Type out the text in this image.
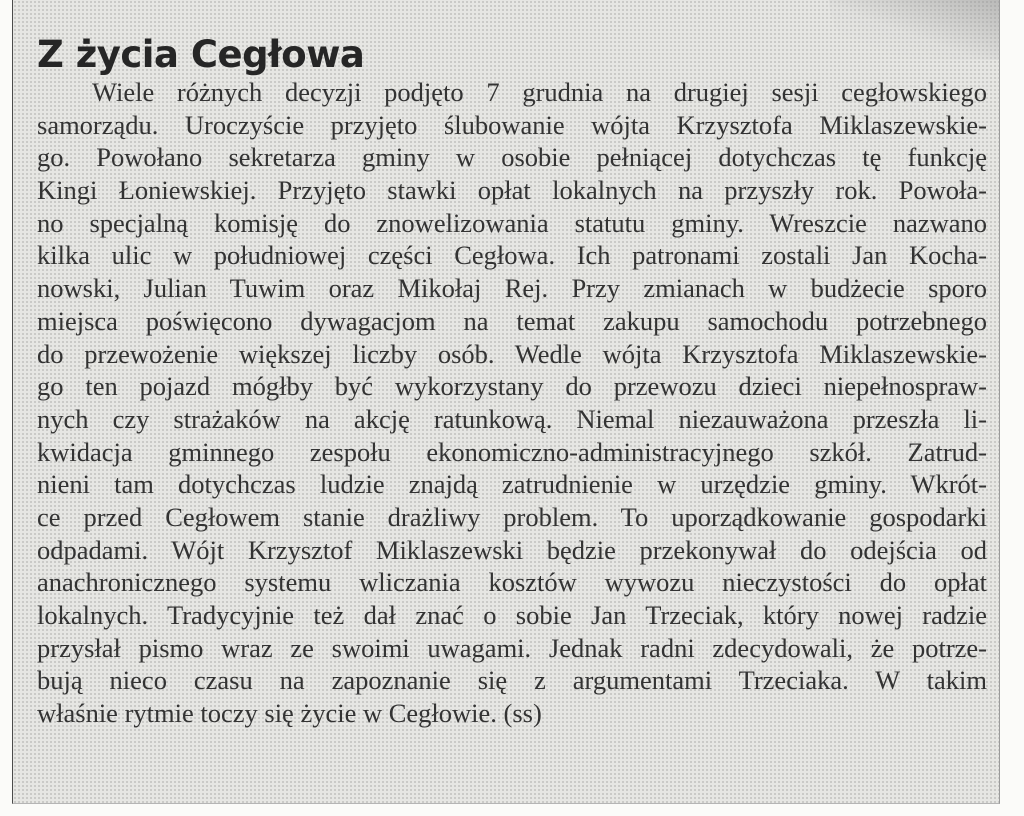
Z życia Cegłowa
Wiele różnych decyzji podjęto 7 grudnia na drugiej sesji cegłowskiego
samorządu. Uroczyście przyjęto ślubowanie wójta Krzysztofa Miklaszewskie-
go. Powołano sekretarza gminy w osobie pełniącej dotychczas tę funkcję
Kingi Łoniewskiej. Przyjęto stawki opłat lokalnych na przyszły rok. Powoła-
no specjalną komisję do znowelizowania statutu gminy. Wreszcie nazwano
kilka ulic w południowej części Cegłowa. Ich patronami zostali Jan Kocha-
nowski, Julian Tuwim oraz Mikołaj Rej. Przy zmianach w budżecie sporo
miejsca poświęcono dywagacjom na temat zakupu samochodu potrzebnego
do przewożenie większej liczby osób. Wedle wójta Krzysztofa Miklaszewskie-
go ten pojazd mógłby być wykorzystany do przewozu dzieci niepełnospraw-
nych czy strażaków na akcję ratunkową. Niemal niezauważona przeszła li-
kwidacja gminnego zespołu ekonomiczno-administracyjnego szkół. Zatrud-
nieni tam dotychczas ludzie znajdą zatrudnienie w urzędzie gminy. Wkrót-
ce przed Cegłowem stanie drażliwy problem. To uporządkowanie gospodarki
odpadami. Wójt Krzysztof Miklaszewski będzie przekonywał do odejścia od
anachronicznego systemu wliczania kosztów wywozu nieczystości do opłat
lokalnych. Tradycyjnie też dał znać o sobie Jan Trzeciak, który nowej radzie
przysłał pismo wraz ze swoimi uwagami. Jednak radni zdecydowali, że potrze-
bują nieco czasu na zapoznanie się z argumentami Trzeciaka. W takim
właśnie rytmie toczy się życie w Cegłowie. (ss)
